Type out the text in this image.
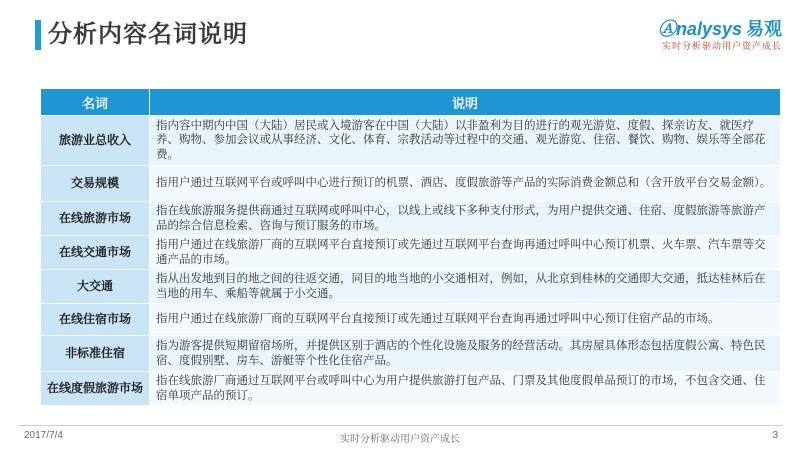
分析内容名词说明	Ⓐnalysys 易观
实时分析驱动用户资产成长
名词	说明
旅游业总收入	指内容中期内中国（大陆）居民或入境游客在中国（大陆）以非盈利为目的进行的观光游览、度假、探亲访友、就医疗养、购物、参加会议或从事经济、文化、体育、宗教活动等过程中的交通、观光游览、住宿、餐饮、购物、娱乐等全部花费。
交易规模	指用户通过互联网平台或呼叫中心进行预订的机票、酒店、度假旅游等产品的实际消费金额总和（含开放平台交易金额）。
在线旅游市场	指在线旅游服务提供商通过互联网或呼叫中心，以线上或线下多种支付形式，为用户提供交通、住宿、度假旅游等旅游产品的综合信息检索、咨询与预订服务的市场。
在线交通市场	指用户通过在线旅游厂商的互联网平台直接预订或先通过互联网平台查询再通过呼叫中心预订机票、火车票、汽车票等交通产品的市场。
大交通	指从出发地到目的地之间的往返交通，同目的地当地的小交通相对，例如，从北京到桂林的交通即大交通，抵达桂林后在当地的用车、乘船等就属于小交通。
在线住宿市场	指用户通过在线旅游厂商的互联网平台直接预订或先通过互联网平台查询再通过呼叫中心预订住宿产品的市场。
非标准住宿	指为游客提供短期留宿场所，并提供区别于酒店的个性化设施及服务的经营活动。其房屋具体形态包括度假公寓、特色民宿、度假别墅、房车、游艇等个性化住宿产品。
在线度假旅游市场	指在线旅游厂商通过互联网平台或呼叫中心为用户提供旅游打包产品、门票及其他度假单品预订的市场，不包含交通、住宿单项产品的预订。
2017/7/4	实时分析驱动用户资产成长	3
